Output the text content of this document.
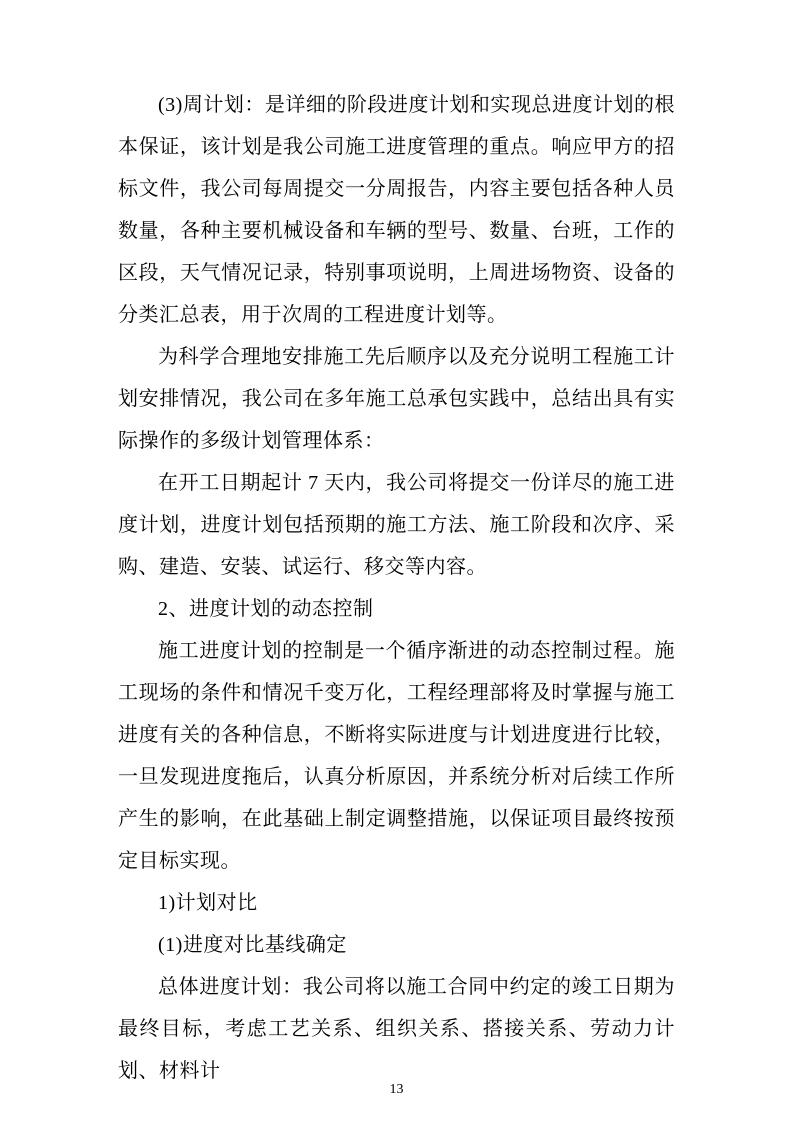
(3)周计划：是详细的阶段进度计划和实现总进度计划的根本保证，该计划是我公司施工进度管理的重点。响应甲方的招标文件，我公司每周提交一分周报告，内容主要包括各种人员数量，各种主要机械设备和车辆的型号、数量、台班，工作的区段，天气情况记录，特别事项说明，上周进场物资、设备的分类汇总表，用于次周的工程进度计划等。

为科学合理地安排施工先后顺序以及充分说明工程施工计划安排情况，我公司在多年施工总承包实践中，总结出具有实际操作的多级计划管理体系：

在开工日期起计 7 天内，我公司将提交一份详尽的施工进度计划，进度计划包括预期的施工方法、施工阶段和次序、采购、建造、安装、试运行、移交等内容。

2、进度计划的动态控制

施工进度计划的控制是一个循序渐进的动态控制过程。施工现场的条件和情况千变万化，工程经理部将及时掌握与施工进度有关的各种信息，不断将实际进度与计划进度进行比较，一旦发现进度拖后，认真分析原因，并系统分析对后续工作所产生的影响，在此基础上制定调整措施，以保证项目最终按预定目标实现。

1)计划对比

(1)进度对比基线确定

总体进度计划：我公司将以施工合同中约定的竣工日期为最终目标，考虑工艺关系、组织关系、搭接关系、劳动力计划、材料计

13
